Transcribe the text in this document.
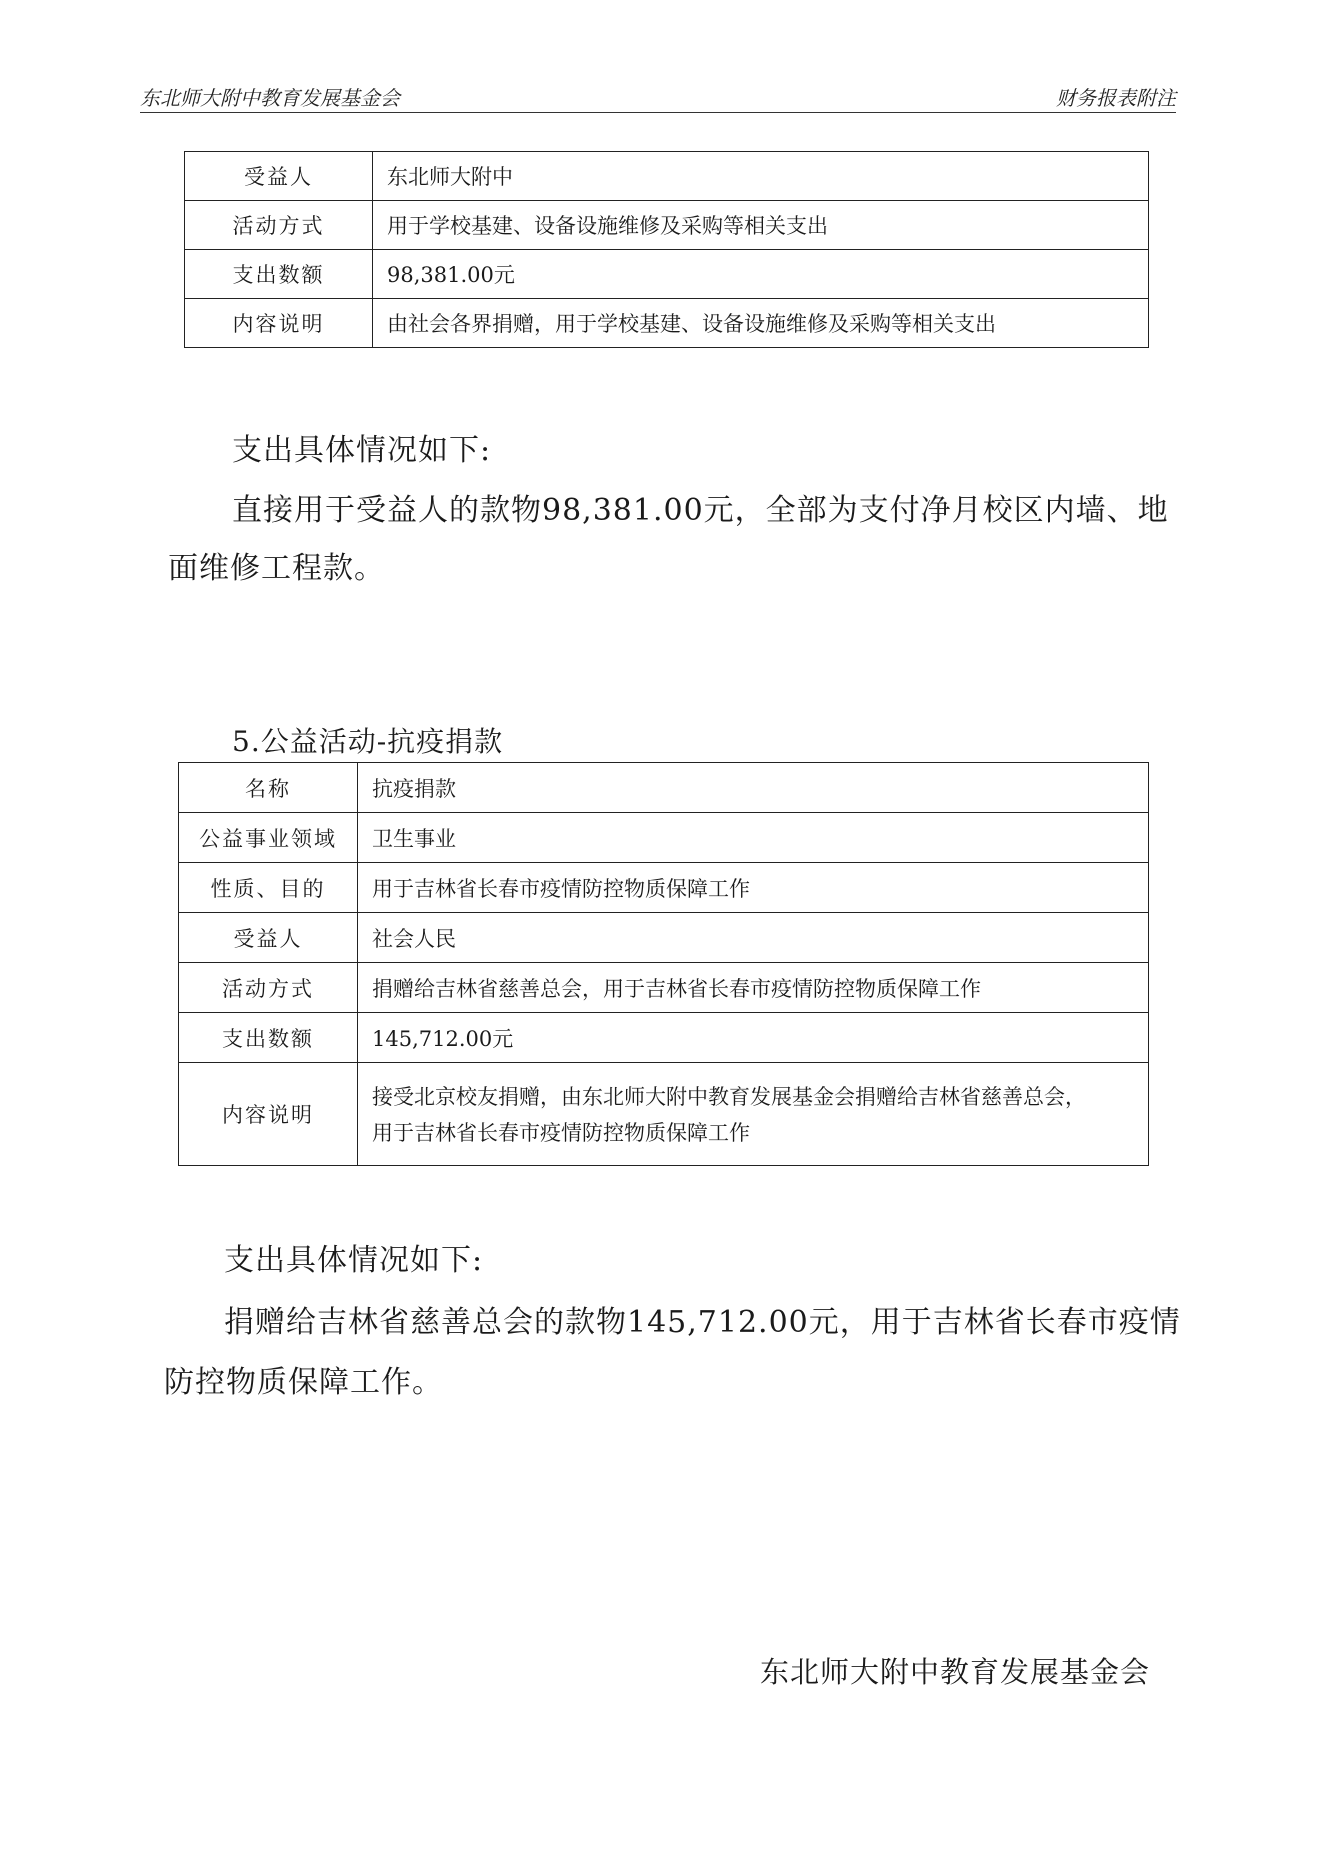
东北师大附中教育发展基金会	财务报表附注
受益人	东北师大附中
活动方式	用于学校基建、设备设施维修及采购等相关支出
支出数额	98,381.00元
内容说明	由社会各界捐赠，用于学校基建、设备设施维修及采购等相关支出
支出具体情况如下:
直接用于受益人的款物98,381.00元，全部为支付净月校区内墙、地
面维修工程款。
5.公益活动-抗疫捐款
名称	抗疫捐款
公益事业领域	卫生事业
性质、目的	用于吉林省长春市疫情防控物质保障工作
受益人	社会人民
活动方式	捐赠给吉林省慈善总会，用于吉林省长春市疫情防控物质保障工作
支出数额	145,712.00元
内容说明	接受北京校友捐赠，由东北师大附中教育发展基金会捐赠给吉林省慈善总会，
用于吉林省长春市疫情防控物质保障工作
支出具体情况如下:
捐赠给吉林省慈善总会的款物145,712.00元，用于吉林省长春市疫情
防控物质保障工作。
东北师大附中教育发展基金会
